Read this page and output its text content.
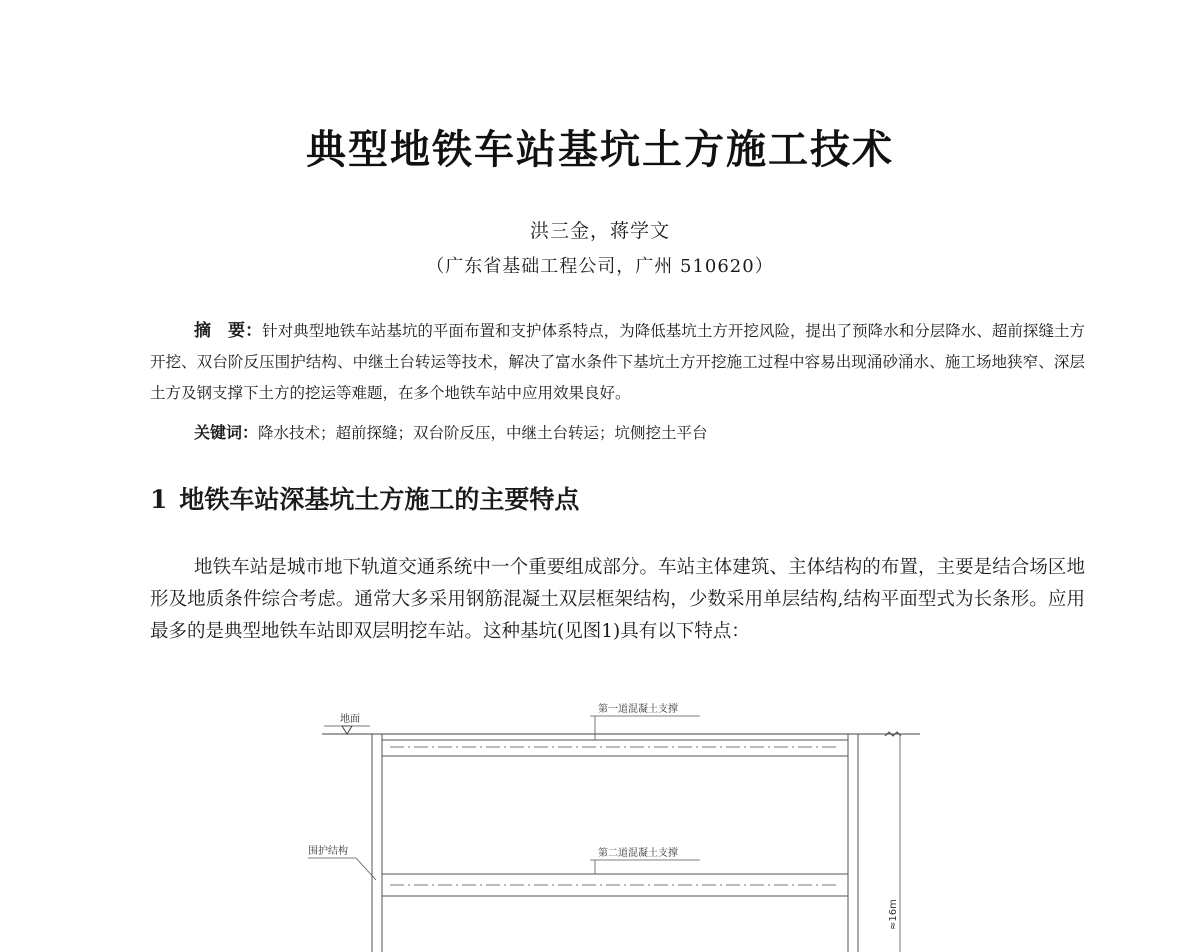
典型地铁车站基坑土方施工技术
洪三金，蒋学文
（广东省基础工程公司，广州 510620）
摘　要：针对典型地铁车站基坑的平面布置和支护体系特点，为降低基坑土方开挖风险，提出了预降水和分层降水、超前探缝土方开挖、双台阶反压围护结构、中继土台转运等技术，解决了富水条件下基坑土方开挖施工过程中容易出现涌砂涌水、施工场地狭窄、深层土方及钢支撑下土方的挖运等难题，在多个地铁车站中应用效果良好。
关键词：降水技术；超前探缝；双台阶反压，中继土台转运；坑侧挖土平台
1 地铁车站深基坑土方施工的主要特点
地铁车站是城市地下轨道交通系统中一个重要组成部分。车站主体建筑、主体结构的布置，主要是结合场区地形及地质条件综合考虑。通常大多采用钢筋混凝土双层框架结构，少数采用单层结构,结构平面型式为长条形。应用最多的是典型地铁车站即双层明挖车站。这种基坑(见图1)具有以下特点：
地面
第一道混凝土支撑
第二道混凝土支撑
围护结构
≈16m
